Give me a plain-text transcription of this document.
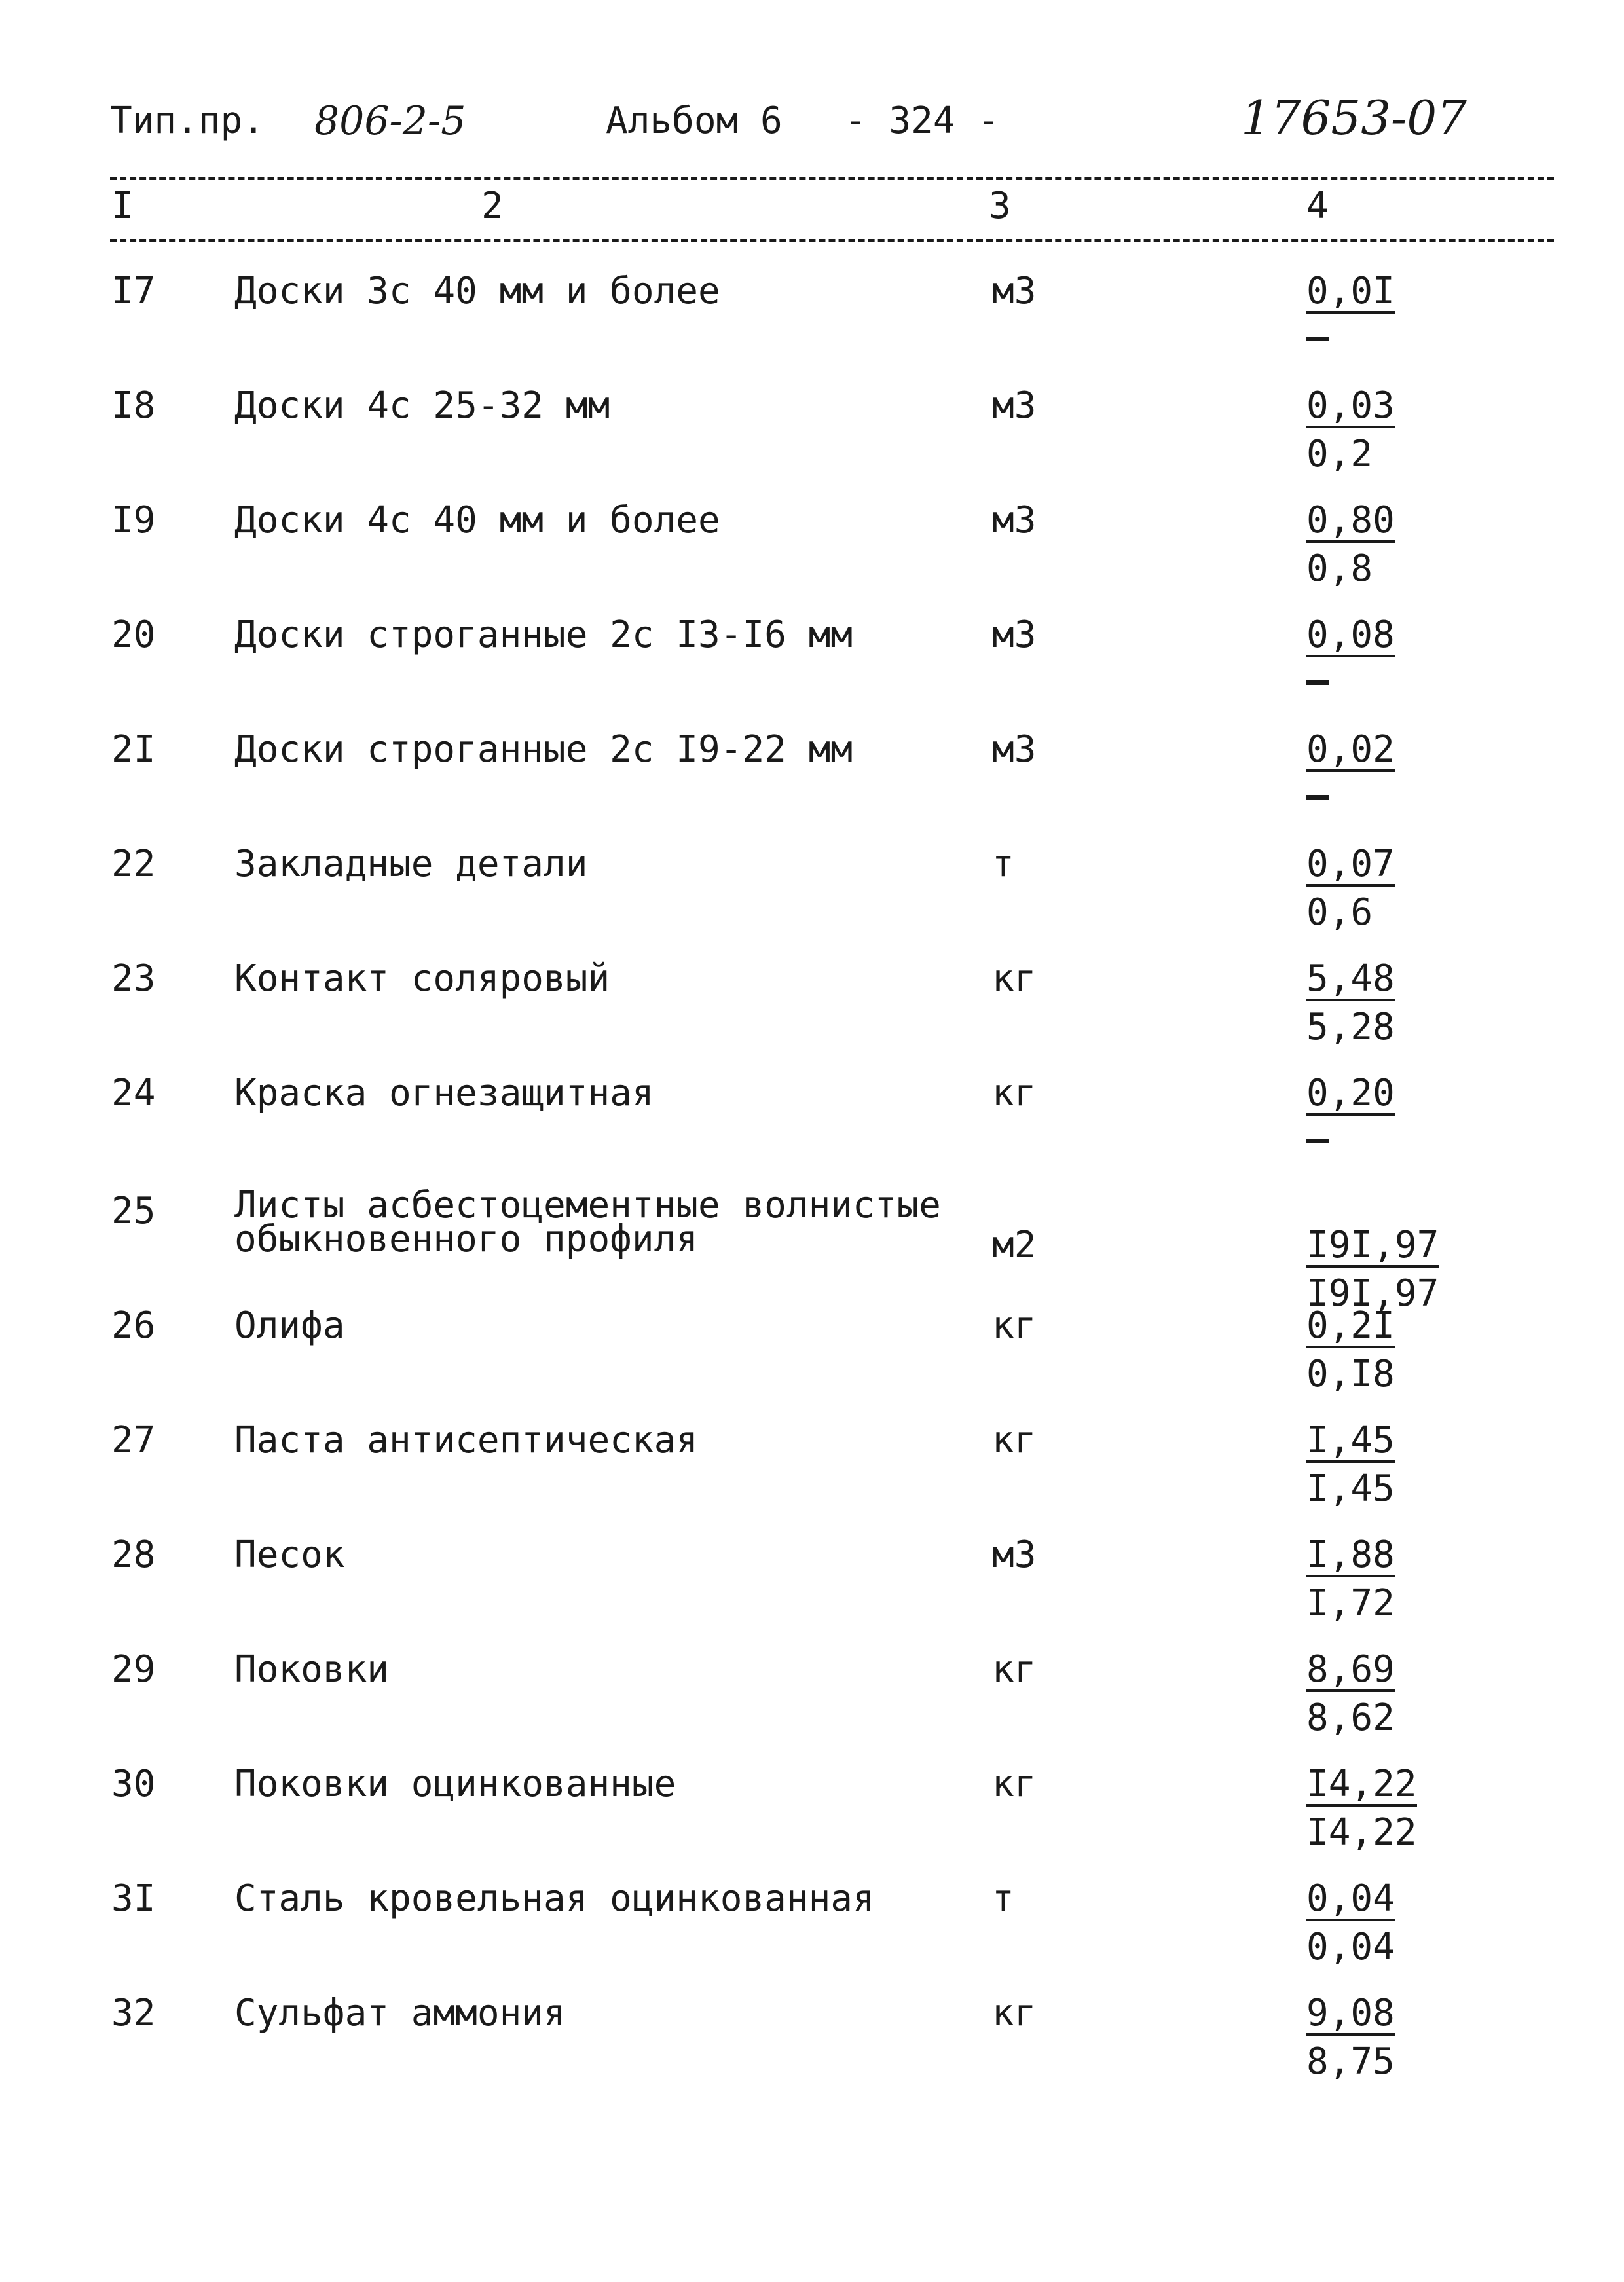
Тип.пр. 806-2-5	Альбом 6 - 324 -	17653-07
I	2	3	4
I7 Доски 3с 40 мм и более	м3	0,0I
I8 Доски 4с 25-32 мм	м3	$\frac{0,03}{0,2}$
I9 Доски 4с 40 мм и более	м3	$\frac{0,80}{0,8}$
20 Доски строганные 2с I3-I6 мм	м3	0,08
2I Доски строганные 2с I9-22 мм	м3	0,02
22 Закладные детали	т	$\frac{0,07}{0,6}$
23 Контакт соляровый	кг	$\frac{5,48}{5,28}$
24 Краска огнезащитная	кг	0,20
25 Листы асбестоцементные волнистые
обыкновенного профиля	м2	$\frac{I9I,97}{I9I,97}$
26 Олифа	кг	$\frac{0,2I}{0,I8}$
27 Паста антисептическая	кг	$\frac{I,45}{I,45}$
28 Песок	м3	$\frac{I,88}{I,72}$
29 Поковки	кг	$\frac{8,69}{8,62}$
30 Поковки оцинкованные	кг	$\frac{I4,22}{I4,22}$
3I Сталь кровельная оцинкованная	т	$\frac{0,04}{0,04}$
32 Сульфат аммония	кг	$\frac{9,08}{8,75}$
